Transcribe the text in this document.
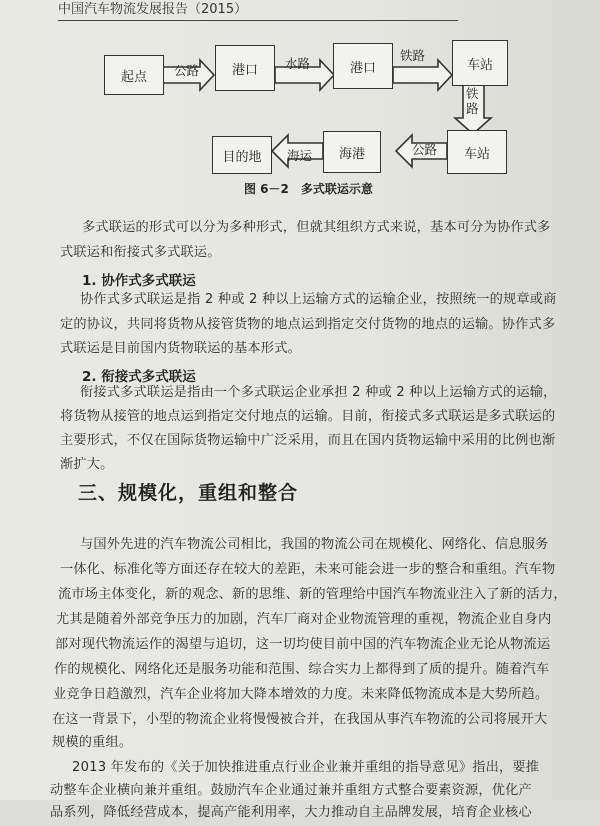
中国汽车物流发展报告（2015）
起点	港口	港口	车站
车站
海港
目的地
公路	水路
铁路
铁
路
公路
海运
图 6－2　多式联运示意

多式联运的形式可以分为多种形式，但就其组织方式来说，基本可分为协作式多

式联运和衔接式多式联运。

1. 协作式多式联运

协作式多式联运是指 2 种或 2 种以上运输方式的运输企业，按照统一的规章或商

定的协议，共同将货物从接管货物的地点运到指定交付货物的地点的运输。协作式多

式联运是目前国内货物联运的基本形式。

2. 衔接式多式联运

衔接式多式联运是指由一个多式联运企业承担 2 种或 2 种以上运输方式的运输，

将货物从接管的地点运到指定交付地点的运输。目前，衔接式多式联运是多式联运的

主要形式，不仅在国际货物运输中广泛采用，而且在国内货物运输中采用的比例也渐

渐扩大。

三、规模化，重组和整合

与国外先进的汽车物流公司相比，我国的物流公司在规模化、网络化、信息服务

一体化、标准化等方面还存在较大的差距，未来可能会进一步的整合和重组。汽车物

流市场主体变化，新的观念、新的思维、新的管理给中国汽车物流业注入了新的活力，

尤其是随着外部竞争压力的加剧，汽车厂商对企业物流管理的重视，物流企业自身内

部对现代物流运作的渴望与追切，这一切均使目前中国的汽车物流企业无论从物流运

作的规模化、网络化还是服务功能和范围、综合实力上都得到了质的提升。随着汽车

业竞争日趋激烈，汽车企业将加大降本增效的力度。未来降低物流成本是大势所趋。

在这一背景下，小型的物流企业将慢慢被合并，在我国从事汽车物流的公司将展开大

规模的重组。

2013 年发布的《关于加快推进重点行业企业兼并重组的指导意见》指出，要推

动整车企业横向兼并重组。鼓励汽车企业通过兼并重组方式整合要素资源，优化产

品系列，降低经营成本，提高产能利用率，大力推动自主品牌发展，培育企业核心
